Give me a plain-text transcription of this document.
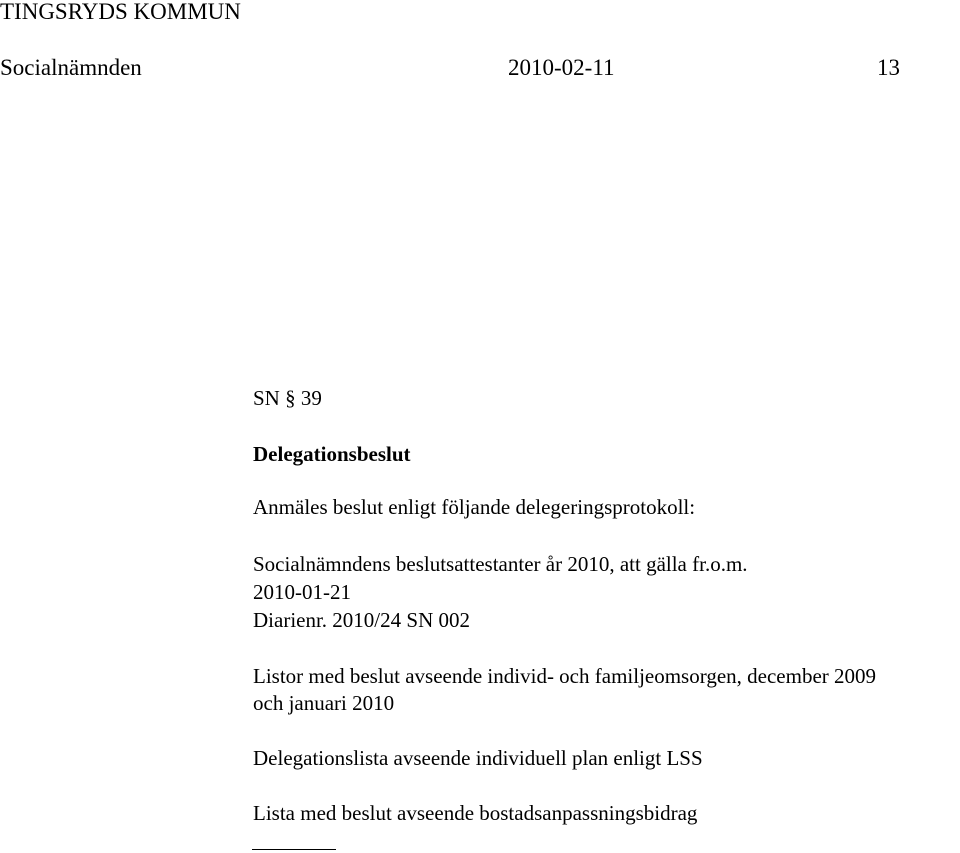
TINGSRYDS KOMMUN
Socialnämnden	2010-02-11	13
SN § 39
Delegationsbeslut
Anmäles beslut enligt följande delegeringsprotokoll:
Socialnämndens beslutsattestanter år 2010, att gälla fr.o.m.
2010-01-21
Diarienr. 2010/24 SN 002
Listor med beslut avseende individ- och familjeomsorgen, december 2009
och januari 2010
Delegationslista avseende individuell plan enligt LSS
Lista med beslut avseende bostadsanpassningsbidrag
